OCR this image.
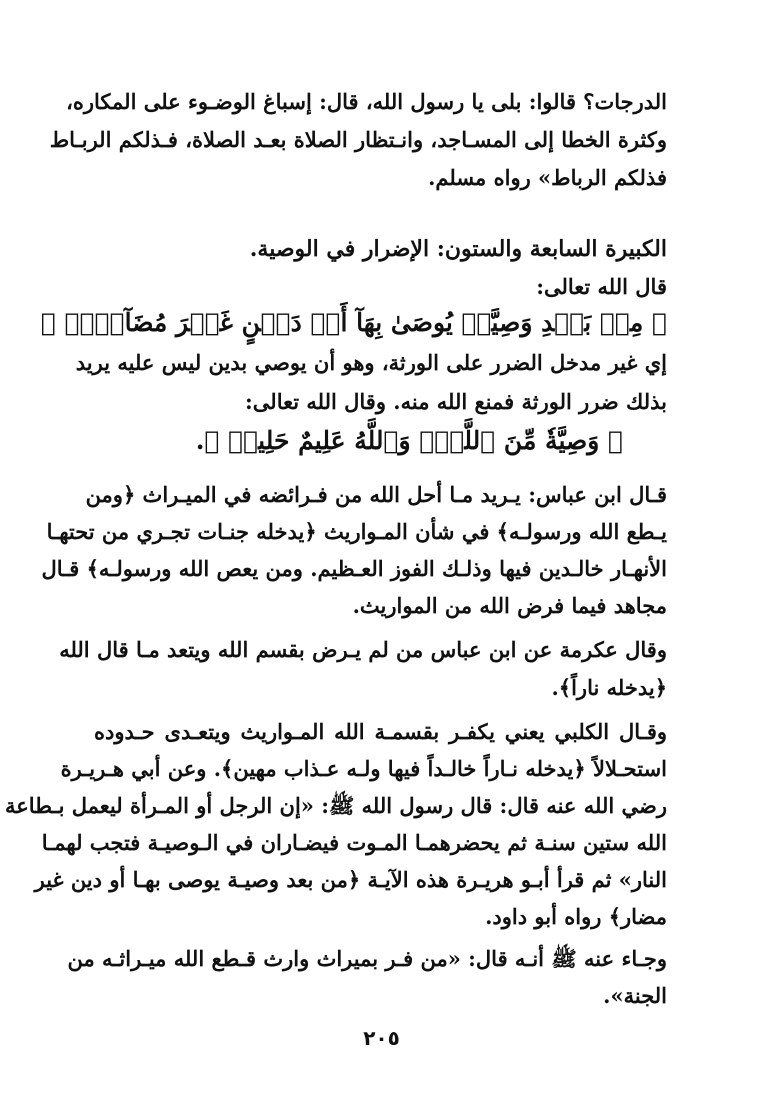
الدرجات؟ قالوا: بلى يا رسول الله، قال: إسباغ الوضـوء على المكاره،
وكثرة الخطا إلى المسـاجد، وانـتظار الصلاة بعـد الصلاة، فـذلكم الربـاط
فذلكم الرباط» رواه مسلم.
الكبيرة السابعة والستون: الإضرار في الوصية.
قال الله تعالى:
﴿ مِنۢ بَعۡدِ وَصِيَّةٖ يُوصَىٰ بِهَآ أَوۡ دَيۡنٍ غَيۡرَ مُضَآرّٖۚ ﴾
إي غير مدخل الضرر على الورثة، وهو أن يوصي بدين ليس عليه يريد
بذلك ضرر الورثة فمنع الله منه. وقال الله تعالى:
﴿ وَصِيَّةٗ مِّنَ ٱللَّهِۗ وَٱللَّهُ عَلِيمٌ حَلِيمٞ ﴾.
قـال ابن عباس: يـريد مـا أحل الله من فـرائضه في الميـراث ﴿ومن
يـطع الله ورسولـه﴾ في شأن المـواريث ﴿يدخله جنـات تجـري من تحتهـا
الأنهـار خالـدين فيها وذلـك الفوز العـظيم. ومن يعص الله ورسولـه﴾ قـال
مجاهد فيما فرض الله من المواريث.
وقال عكرمة عن ابن عباس من لم يـرض بقسم الله ويتعد مـا قال الله
﴿يدخله ناراً﴾.
وقـال الكلبي يعني يكفـر بقسمـة الله المـواريث ويتعـدى حـدوده
استحـلالاً ﴿يدخله نـاراً خالـداً فيها ولـه عـذاب مهين﴾. وعن أبي هـريـرة
رضي الله عنه قال: قال رسول الله ﷺ: «إن الرجل أو المـرأة ليعمل بـطاعة
الله ستين سنـة ثم يحضرهمـا المـوت فيضـاران في الـوصيـة فتجب لهمـا
النار» ثم قرأ أبـو هريـرة هذه الآيـة ﴿من بعد وصيـة يوصى بهـا أو دين غير
مضار﴾ رواه أبو داود.
وجـاء عنه ﷺ أنـه قال: «من فـر بميراث وارث قـطع الله ميـراثـه من
الجنة».
٢٠٥
